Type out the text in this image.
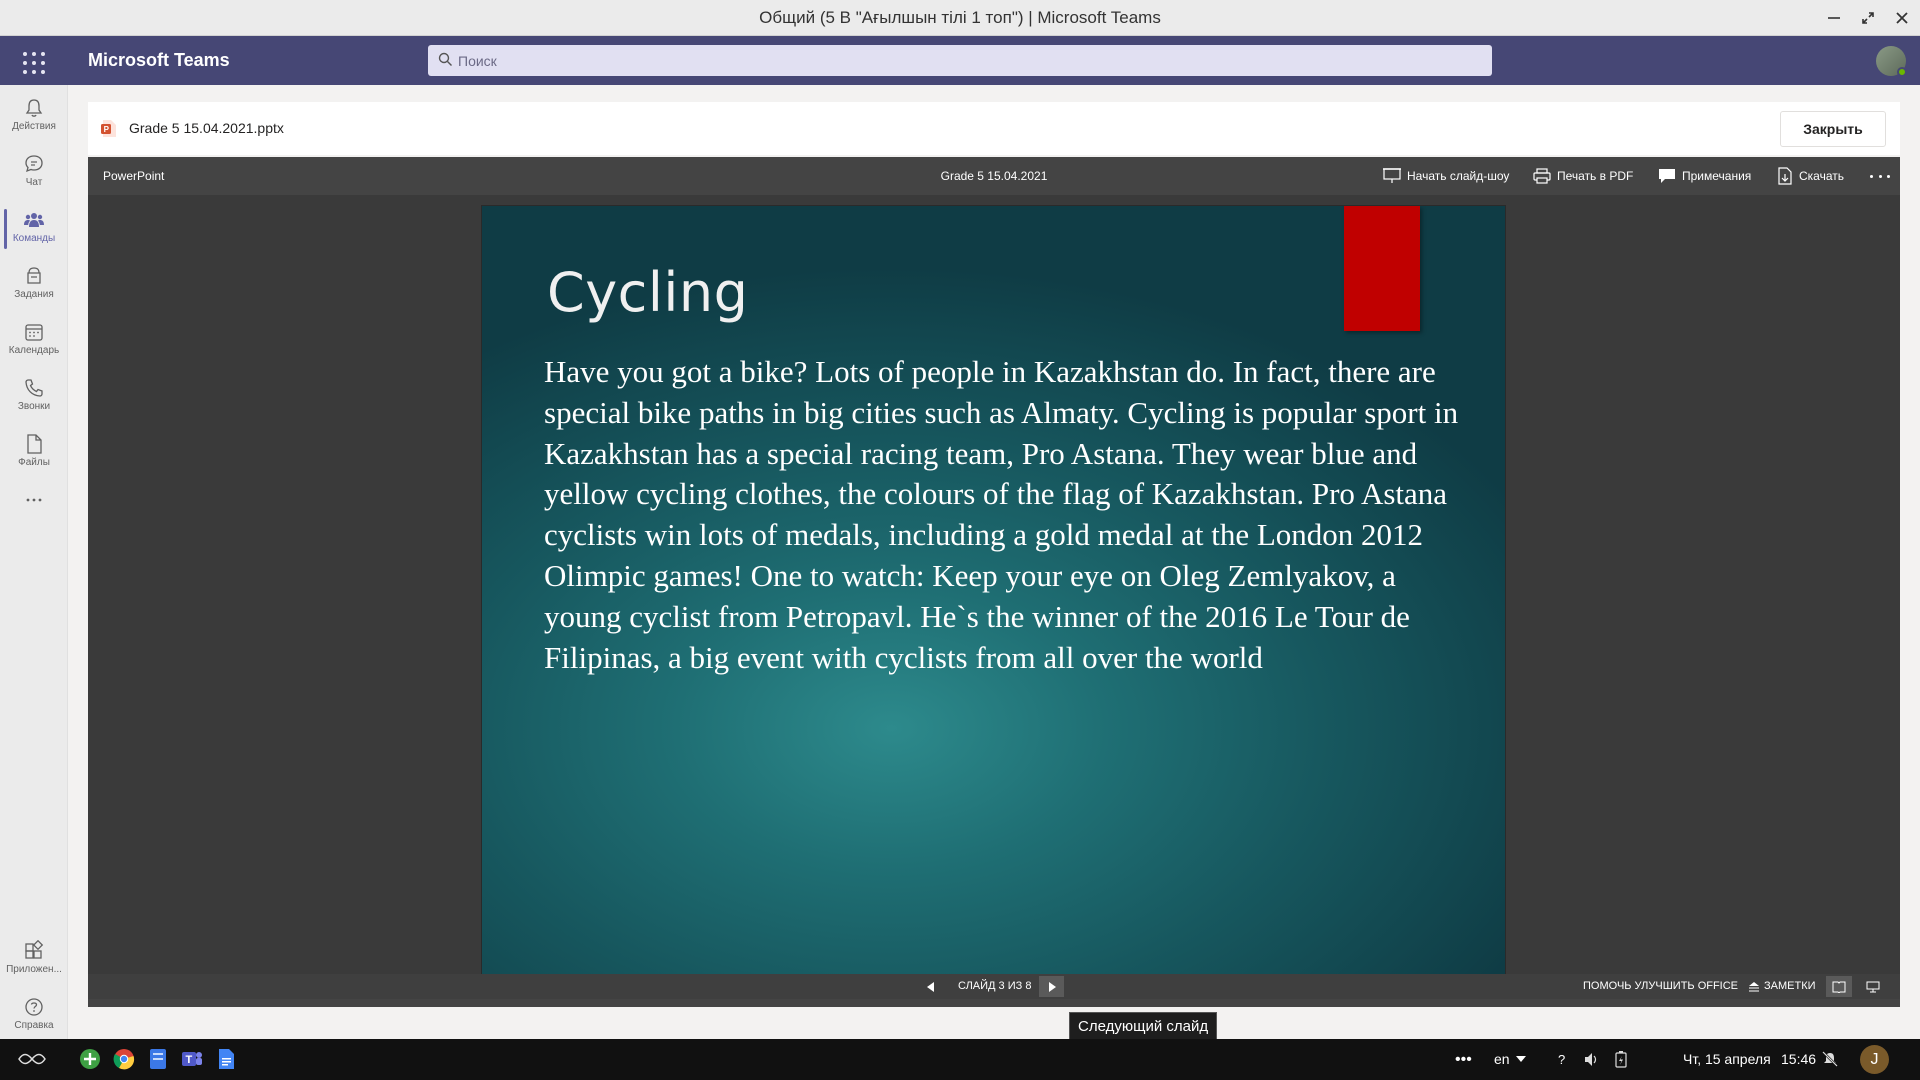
Общий (5 В "Ағылшын тілі 1 топ") | Microsoft Teams
Microsoft Teams
Поиск
Действия
Чат
Команды
Задания
Календарь
Звонки
Файлы
Приложен...
Справка
P Grade 5 15.04.2021.pptx	Закрыть
PowerPoint	Grade 5 15.04.2021	Начать слайд-шоу	Печать в PDF	Примечания	Скачать
Cycling
Have you got a bike? Lots of people in Kazakhstan do. In fact, there are special bike paths in big cities such as Almaty. Cycling is popular sport in Kazakhstan has a special racing team, Pro Astana. They wear blue and yellow cycling clothes, the colours of the flag of Kazakhstan. Pro Astana cyclists win lots of medals, including a gold medal at the London 2012 Olimpic games! One to watch: Keep your eye on Oleg Zemlyakov, a young cyclist from Petropavl. He`s the winner of the 2016 Le Tour de Filipinas, a big event with cyclists from all over the world
СЛАЙД 3 ИЗ 8	ПОМОЧЬ УЛУЧШИТЬ OFFICE ЗАМЕТКИ
Следующий слайд
T	••• en	?	Чт, 15 апреля 15:46	J
